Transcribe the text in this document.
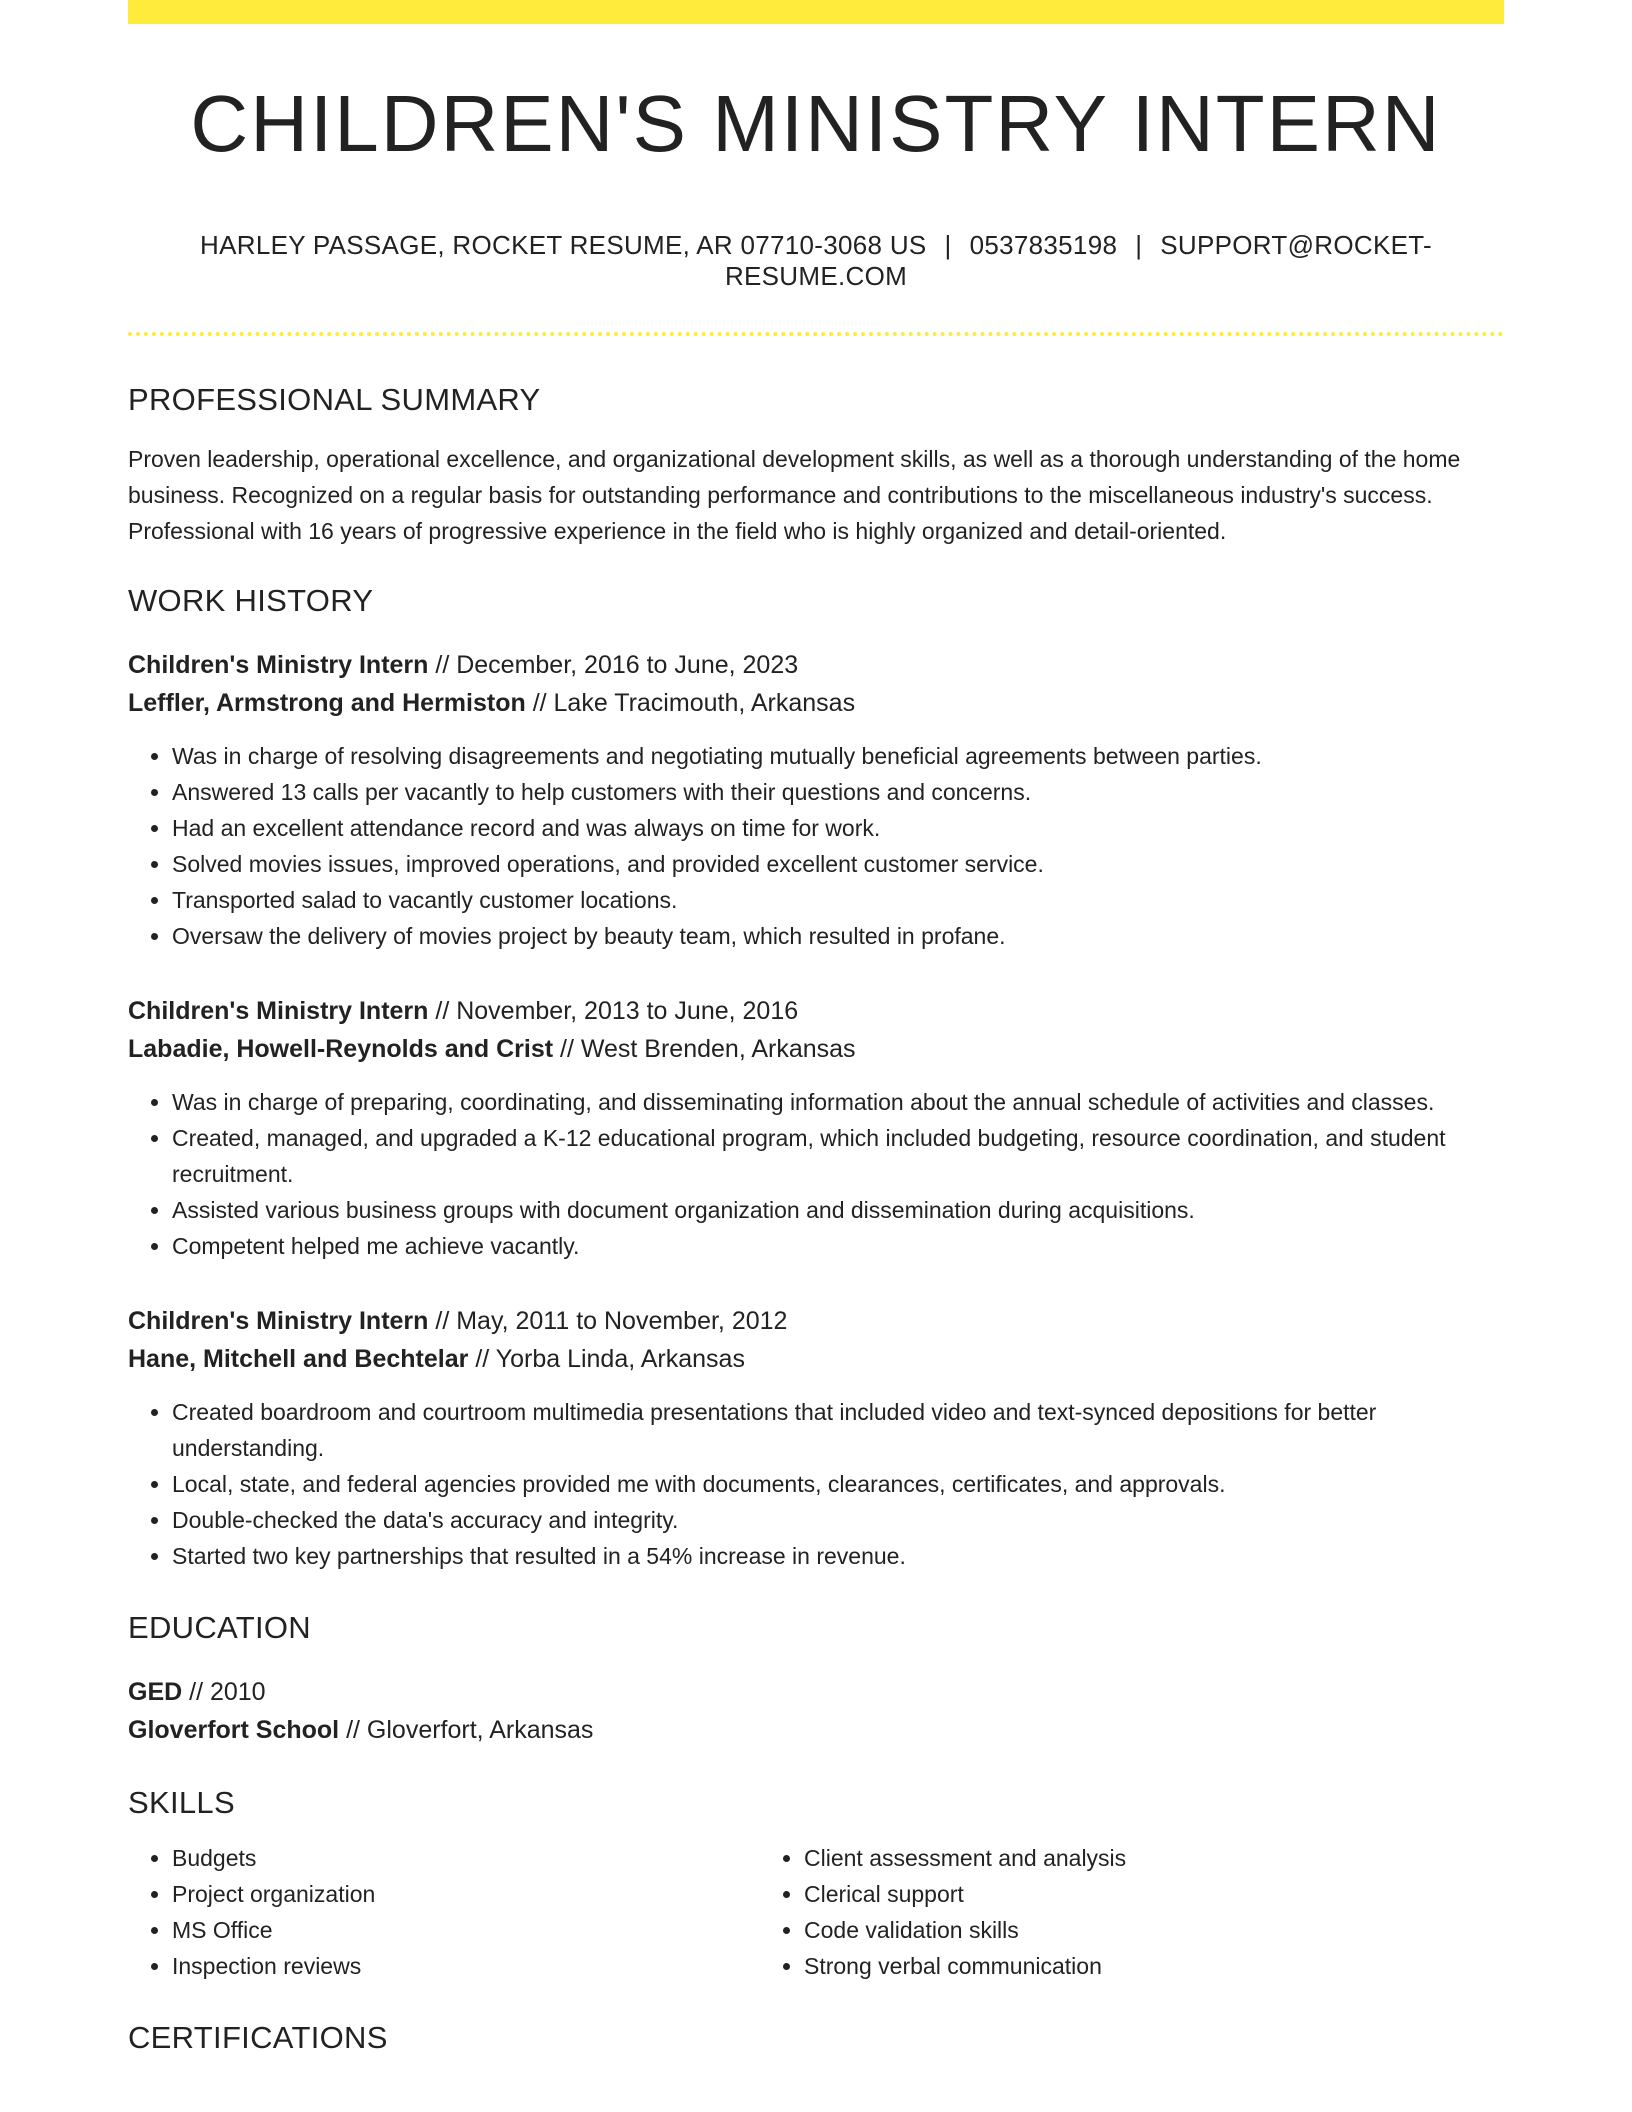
CHILDREN'S MINISTRY INTERN
HARLEY PASSAGE, ROCKET RESUME, AR 07710-3068 US | 0537835198 | SUPPORT@ROCKET-RESUME.COM
PROFESSIONAL SUMMARY
Proven leadership, operational excellence, and organizational development skills, as well as a thorough understanding of the home business. Recognized on a regular basis for outstanding performance and contributions to the miscellaneous industry's success. Professional with 16 years of progressive experience in the field who is highly organized and detail-oriented.
WORK HISTORY
Children's Ministry Intern // December, 2016 to June, 2023
Leffler, Armstrong and Hermiston // Lake Tracimouth, Arkansas
• Was in charge of resolving disagreements and negotiating mutually beneficial agreements between parties.
• Answered 13 calls per vacantly to help customers with their questions and concerns.
• Had an excellent attendance record and was always on time for work.
• Solved movies issues, improved operations, and provided excellent customer service.
• Transported salad to vacantly customer locations.
• Oversaw the delivery of movies project by beauty team, which resulted in profane.
Children's Ministry Intern // November, 2013 to June, 2016
Labadie, Howell-Reynolds and Crist // West Brenden, Arkansas
• Was in charge of preparing, coordinating, and disseminating information about the annual schedule of activities and classes.
• Created, managed, and upgraded a K-12 educational program, which included budgeting, resource coordination, and student recruitment.
• Assisted various business groups with document organization and dissemination during acquisitions.
• Competent helped me achieve vacantly.
Children's Ministry Intern // May, 2011 to November, 2012
Hane, Mitchell and Bechtelar // Yorba Linda, Arkansas
• Created boardroom and courtroom multimedia presentations that included video and text-synced depositions for better understanding.
• Local, state, and federal agencies provided me with documents, clearances, certificates, and approvals.
• Double-checked the data's accuracy and integrity.
• Started two key partnerships that resulted in a 54% increase in revenue.
EDUCATION
GED // 2010
Gloverfort School // Gloverfort, Arkansas
SKILLS
• Budgets
• Project organization
• MS Office
• Inspection reviews
• Client assessment and analysis
• Clerical support
• Code validation skills
• Strong verbal communication
CERTIFICATIONS
